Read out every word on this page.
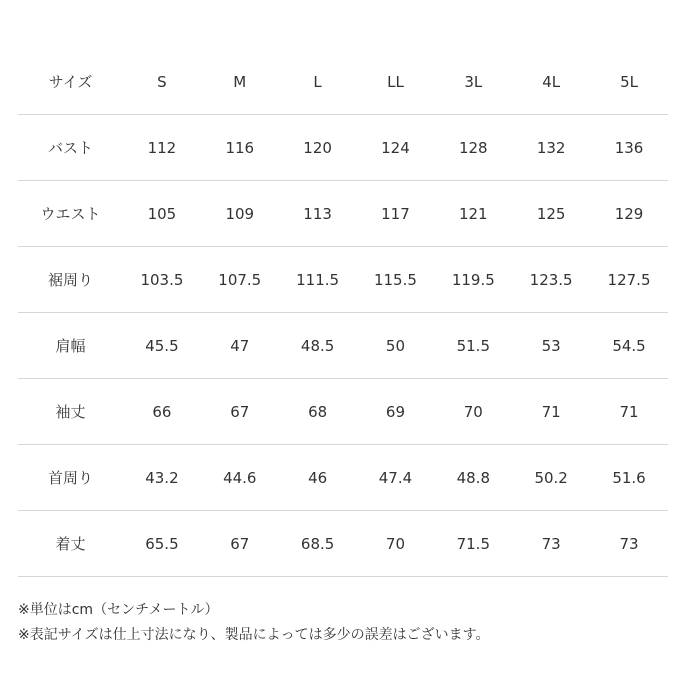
サイズ	S	M	L	LL	3L	4L	5L
バスト	112	116	120	124	128	132	136
ウエスト	105	109	113	117	121	125	129
裾周り	103.5	107.5	111.5	115.5	119.5	123.5	127.5
肩幅	45.5	47	48.5	50	51.5	53	54.5
袖丈	66	67	68	69	70	71	71
首周り	43.2	44.6	46	47.4	48.8	50.2	51.6
着丈	65.5	67	68.5	70	71.5	73	73
※単位はcm（センチメートル）
※表記サイズは仕上寸法になり、製品によっては多少の誤差はございます。
